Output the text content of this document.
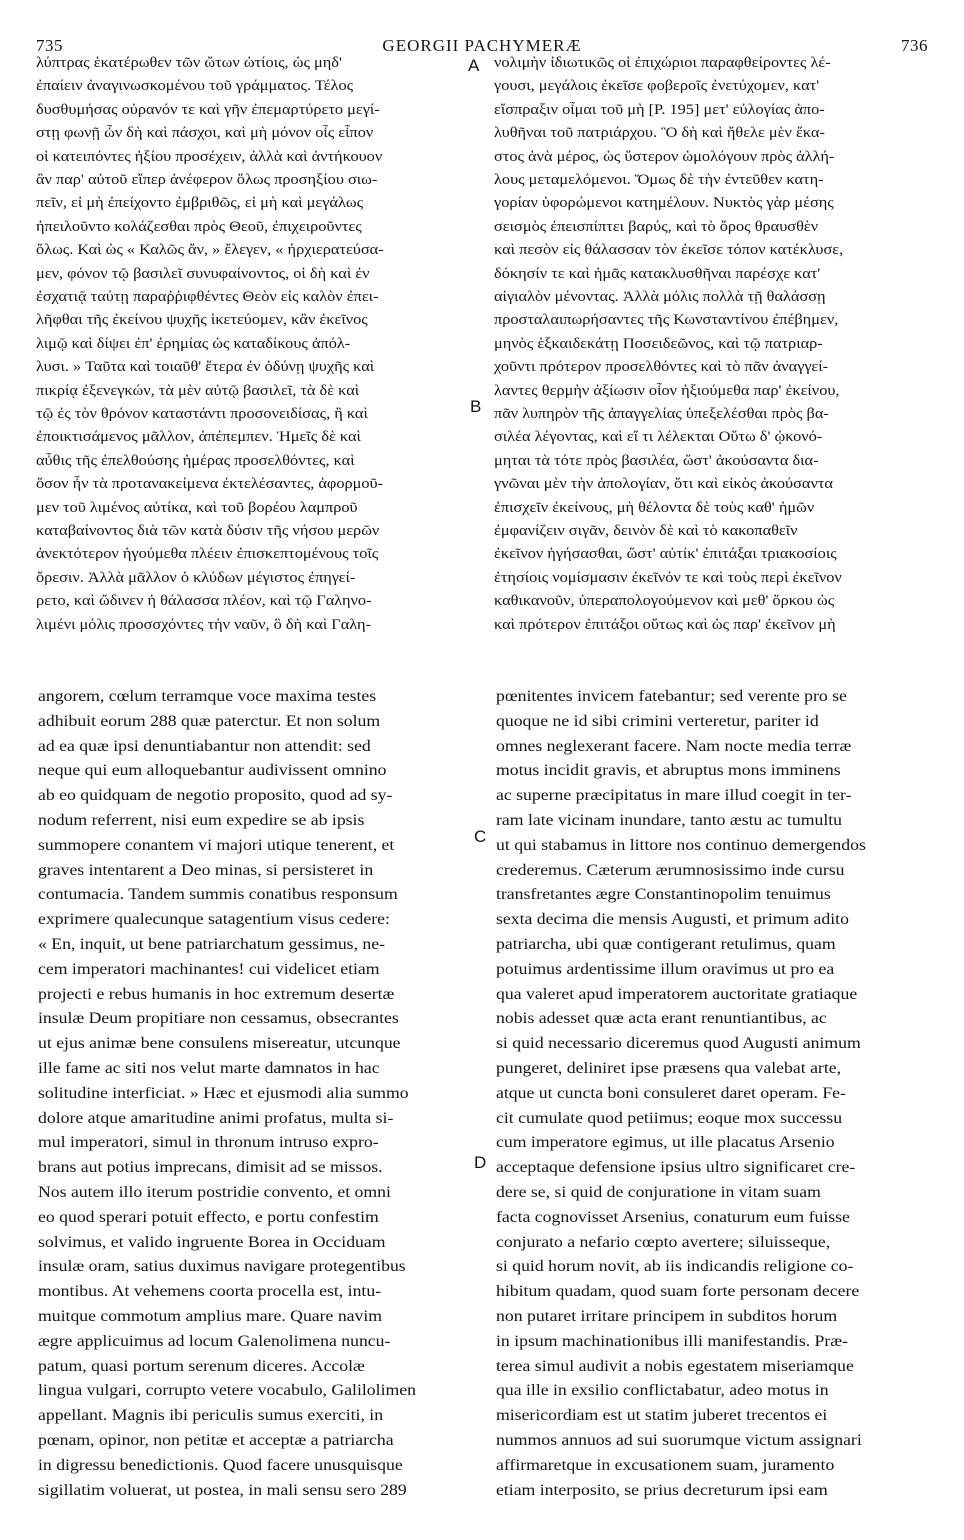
735	GEORGII PACHYMERÆ	736
λύπτρας ἑκατέρωθεν τῶν ὤτων ὠτίοις, ὡς μηδ'
ἐπαίειν ἀναγινωσκομένου τοῦ γράμματος. Τέλος
δυσθυμήσας οὐρανόν τε καὶ γῆν ἐπεμαρτύρετο μεγί-
στῃ φωνῇ ὧν δὴ καὶ πάσχοι, καὶ μὴ μόνον οἷς εἶπον
οἱ κατειπόντες ἠξίου προσέχειν, ἀλλὰ καὶ ἀντήκουον
ἂν παρ' αὐτοῦ εἴπερ ἀνέφερον ὅλως προσηξίου σιω-
πεῖν, εἰ μὴ ἐπείχοντο ἐμβριθῶς, εἰ μὴ καὶ μεγάλως
ἠπειλοῦντο κολάζεσθαι πρὸς Θεοῦ, ἐπιχειροῦντες
ὅλως. Καὶ ὡς « Καλῶς ἄν, » ἔλεγεν, « ἠρχιερατεύσα-
μεν, φόνον τῷ βασιλεῖ συνυφαίνοντος, οἱ δὴ καὶ ἐν
ἐσχατιᾷ ταύτῃ παραῤῥιφθέντες Θεὸν εἰς καλὸν ἐπει-
λῆφθαι τῆς ἐκείνου ψυχῆς ἱκετεύομεν, κἂν ἐκεῖνος
λιμῷ καὶ δίψει ἐπ' ἐρημίας ὡς καταδίκους ἀπόλ-
λυσι. » Ταῦτα καὶ τοιαῦθ' ἕτερα ἐν ὀδύνῃ ψυχῆς καὶ
πικρίᾳ ἐξενεγκών, τὰ μὲν αὐτῷ βασιλεῖ, τὰ δὲ καὶ
τῷ ἐς τὸν θρόνον καταστάντι προσονειδίσας, ἢ καὶ
ἐποικτισάμενος μᾶλλον, ἀπέπεμπεν. Ἡμεῖς δὲ καὶ
αὖθις τῆς ἐπελθούσης ἡμέρας προσελθόντες, καὶ
ὅσον ἦν τὰ προτανακείμενα ἐκτελέσαντες, ἀφορμοῦ-
μεν τοῦ λιμένος αὐτίκα, καὶ τοῦ βορέου λαμπροῦ
καταβαίνοντος διὰ τῶν κατὰ δύσιν τῆς νήσου μερῶν
ἀνεκτότερον ἡγούμεθα πλέειν ἐπισκεπτομένους τοῖς
ὄρεσιν. Ἀλλὰ μᾶλλον ὁ κλύδων μέγιστος ἐπηγεί-
ρετο, καὶ ὤδινεν ἡ θάλασσα πλέον, καὶ τῷ Γαληνο-
λιμένι μόλις προσσχόντες τὴν ναῦν, ὃ δὴ καὶ Γαλη-
νολιμὴν ἰδιωτικῶς οἱ ἐπιχώριοι παραφθείροντες λέ-
γουσι, μεγάλοις ἐκεῖσε φοβεροῖς ἐνετύχομεν, κατ'
εἴσπραξιν οἶμαι τοῦ μὴ [P. 195] μετ' εὐλογίας ἀπο-
λυθῆναι τοῦ πατριάρχου. Ὃ δὴ καὶ ἤθελε μὲν ἕκα-
στος ἀνὰ μέρος, ὡς ὕστερον ὡμολόγουν πρὸς ἀλλή-
λους μεταμελόμενοι. Ὅμως δὲ τὴν ἐντεῦθεν κατη-
γορίαν ὑφορώμενοι κατημέλουν. Νυκτὸς γὰρ μέσης
σεισμὸς ἐπεισπίπτει βαρύς, καὶ τὸ ὄρος θραυσθὲν
καὶ πεσὸν εἰς θάλασσαν τὸν ἐκεῖσε τόπον κατέκλυσε,
δόκησίν τε καὶ ἡμᾶς κατακλυσθῆναι παρέσχε κατ'
αἰγιαλὸν μένοντας. Ἀλλὰ μόλις πολλὰ τῇ θαλάσσῃ
προσταλαιπωρήσαντες τῆς Κωνσταντίνου ἐπέβημεν,
μηνὸς ἑξκαιδεκάτῃ Ποσειδεῶνος, καὶ τῷ πατριαρ-
χοῦντι πρότερον προσελθόντες καὶ τὸ πᾶν ἀναγγεί-
λαντες θερμὴν ἀξίωσιν οἷον ἠξιούμεθα παρ' ἐκείνου,
πᾶν λυπηρὸν τῆς ἀπαγγελίας ὑπεξελέσθαι πρὸς βα-
σιλέα λέγοντας, καὶ εἴ τι λέλεκται Οὕτω δ' ᾠκονό-
μηται τὰ τότε πρὸς βασιλέα, ὥστ' ἀκούσαντα δια-
γνῶναι μὲν τὴν ἀπολογίαν, ὅτι καὶ εἰκὸς ἀκούσαντα
ἐπισχεῖν ἐκείνους, μὴ θέλοντα δὲ τοὺς καθ' ἡμῶν
ἐμφανίζειν σιγᾶν, δεινὸν δὲ καὶ τὸ κακοπαθεῖν
ἐκεῖνον ἡγήσασθαι, ὥστ' αὐτίκ' ἐπιτάξαι τριακοσίοις
ἐτησίοις νομίσμασιν ἐκεῖνόν τε καὶ τοὺς περὶ ἐκεῖνον
καθικανοῦν, ὑπεραπολογούμενον καὶ μεθ' ὅρκου ὡς
καὶ πρότερον ἐπιτάξοι οὕτως καὶ ὡς παρ' ἐκεῖνον μὴ
angorem, cœlum terramque voce maxima testes
adhibuit eorum 288 quæ paterctur. Et non solum
ad ea quæ ipsi denuntiabantur non attendit: sed
neque qui eum alloquebantur audivissent omnino
ab eo quidquam de negotio proposito, quod ad sy-
nodum referrent, nisi eum expedire se ab ipsis
summopere conantem vi majori utique tenerent, et
graves intentarent a Deo minas, si persisteret in
contumacia. Tandem summis conatibus responsum
exprimere qualecunque satagentium visus cedere:
« En, inquit, ut bene patriarchatum gessimus, ne-
cem imperatori machinantes! cui videlicet etiam
projecti e rebus humanis in hoc extremum desertæ
insulæ Deum propitiare non cessamus, obsecrantes
ut ejus animæ bene consulens misereatur, utcunque
ille fame ac siti nos velut marte damnatos in hac
solitudine interficiat. » Hæc et ejusmodi alia summo
dolore atque amaritudine animi profatus, multa si-
mul imperatori, simul in thronum intruso expro-
brans aut potius imprecans, dimisit ad se missos.
Nos autem illo iterum postridie convento, et omni
eo quod sperari potuit effecto, e portu confestim
solvimus, et valido ingruente Borea in Occiduam
insulæ oram, satius duximus navigare protegentibus
montibus. At vehemens coorta procella est, intu-
muitque commotum amplius mare. Quare navim
ægre applicuimus ad locum Galenolimena nuncu-
patum, quasi portum serenum diceres. Accolæ
lingua vulgari, corrupto vetere vocabulo, Galilolimen
appellant. Magnis ibi periculis sumus exerciti, in
pœnam, opinor, non petitæ et acceptæ a patriarcha
in digressu benedictionis. Quod facere unusquisque
sigillatim voluerat, ut postea, in mali sensu sero 289
pœnitentes invicem fatebantur; sed verente pro se
quoque ne id sibi crimini verteretur, pariter id
omnes neglexerant facere. Nam nocte media terræ
motus incidit gravis, et abruptus mons imminens
ac superne præcipitatus in mare illud coegit in ter-
ram late vicinam inundare, tanto æstu ac tumultu
ut qui stabamus in littore nos continuo demergendos
crederemus. Cæterum ærumnosissimo inde cursu
transfretantes ægre Constantinopolim tenuimus
sexta decima die mensis Augusti, et primum adito
patriarcha, ubi quæ contigerant retulimus, quam
potuimus ardentissime illum oravimus ut pro ea
qua valeret apud imperatorem auctoritate gratiaque
nobis adesset quæ acta erant renuntiantibus, ac
si quid necessario diceremus quod Augusti animum
pungeret, deliniret ipse præsens qua valebat arte,
atque ut cuncta boni consuleret daret operam. Fe-
cit cumulate quod petiimus; eoque mox successu
cum imperatore egimus, ut ille placatus Arsenio
acceptaque defensione ipsius ultro significaret cre-
dere se, si quid de conjuratione in vitam suam
facta cognovisset Arsenius, conaturum eum fuisse
conjurato a nefario cœpto avertere; siluisseque,
si quid horum novit, ab iis indicandis religione co-
hibitum quadam, quod suam forte personam decere
non putaret irritare principem in subditos horum
in ipsum machinationibus illi manifestandis. Præ-
terea simul audivit a nobis egestatem miseriamque
qua ille in exsilio conflictabatur, adeo motus in
misericordiam est ut statim juberet trecentos ei
nummos annuos ad sui suorumque victum assignari
affirmaretque in excusationem suam, juramento
etiam interposito, se prius decreturum ipsi eam
A
B
C
D
